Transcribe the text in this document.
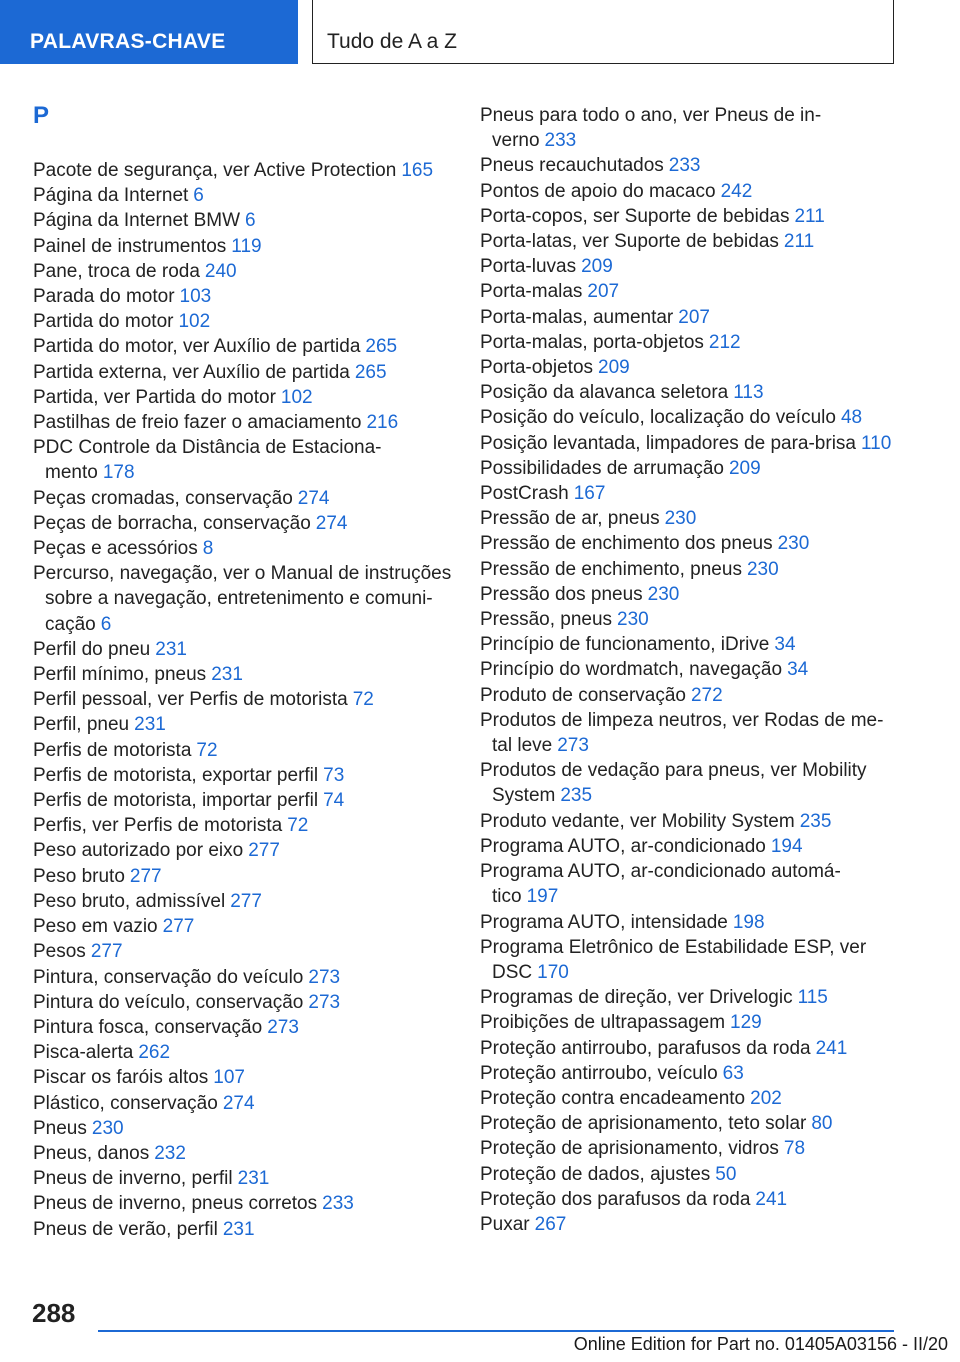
PALAVRAS-CHAVE	Tudo de A a Z
P
Pacote de segurança, ver Active Protection 165
Página da Internet 6
Página da Internet BMW 6
Painel de instrumentos 119
Pane, troca de roda 240
Parada do motor 103
Partida do motor 102
Partida do motor, ver Auxílio de partida 265
Partida externa, ver Auxílio de partida 265
Partida, ver Partida do motor 102
Pastilhas de freio fazer o amaciamento 216
PDC Controle da Distância de Estaciona-
mento 178
Peças cromadas, conservação 274
Peças de borracha, conservação 274
Peças e acessórios 8
Percurso, navegação, ver o Manual de instruções
sobre a navegação, entretenimento e comuni-
cação 6
Perfil do pneu 231
Perfil mínimo, pneus 231
Perfil pessoal, ver Perfis de motorista 72
Perfil, pneu 231
Perfis de motorista 72
Perfis de motorista, exportar perfil 73
Perfis de motorista, importar perfil 74
Perfis, ver Perfis de motorista 72
Peso autorizado por eixo 277
Peso bruto 277
Peso bruto, admissível 277
Peso em vazio 277
Pesos 277
Pintura, conservação do veículo 273
Pintura do veículo, conservação 273
Pintura fosca, conservação 273
Pisca-alerta 262
Piscar os faróis altos 107
Plástico, conservação 274
Pneus 230
Pneus, danos 232
Pneus de inverno, perfil 231
Pneus de inverno, pneus corretos 233
Pneus de verão, perfil 231
Pneus para todo o ano, ver Pneus de in-
verno 233
Pneus recauchutados 233
Pontos de apoio do macaco 242
Porta-copos, ser Suporte de bebidas 211
Porta-latas, ver Suporte de bebidas 211
Porta-luvas 209
Porta-malas 207
Porta-malas, aumentar 207
Porta-malas, porta-objetos 212
Porta-objetos 209
Posição da alavanca seletora 113
Posição do veículo, localização do veículo 48
Posição levantada, limpadores de para-brisa 110
Possibilidades de arrumação 209
PostCrash 167
Pressão de ar, pneus 230
Pressão de enchimento dos pneus 230
Pressão de enchimento, pneus 230
Pressão dos pneus 230
Pressão, pneus 230
Princípio de funcionamento, iDrive 34
Princípio do wordmatch, navegação 34
Produto de conservação 272
Produtos de limpeza neutros, ver Rodas de me-
tal leve 273
Produtos de vedação para pneus, ver Mobility
System 235
Produto vedante, ver Mobility System 235
Programa AUTO, ar-condicionado 194
Programa AUTO, ar-condicionado automá-
tico 197
Programa AUTO, intensidade 198
Programa Eletrônico de Estabilidade ESP, ver
DSC 170
Programas de direção, ver Drivelogic 115
Proibições de ultrapassagem 129
Proteção antirroubo, parafusos da roda 241
Proteção antirroubo, veículo 63
Proteção contra encadeamento 202
Proteção de aprisionamento, teto solar 80
Proteção de aprisionamento, vidros 78
Proteção de dados, ajustes 50
Proteção dos parafusos da roda 241
Puxar 267
288
Online Edition for Part no. 01405A03156 - II/20
